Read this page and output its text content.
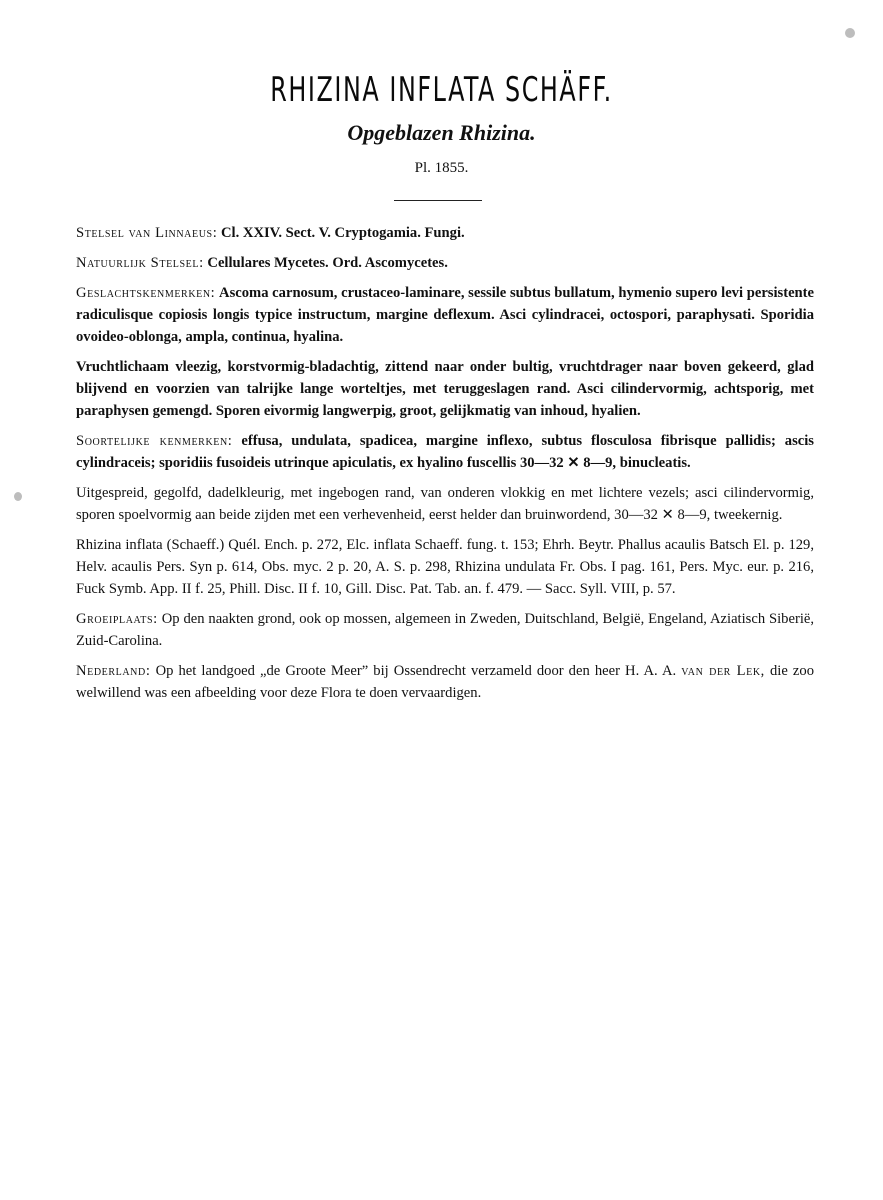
RHIZINA INFLATA SCHÄFF.
Opgeblazen Rhizina.
Pl. 1855.

Stelsel van Linnaeus: Cl. XXIV. Sect. V. Cryptogamia. Fungi.

Natuurlijk Stelsel: Cellulares Mycetes. Ord. Ascomycetes.

Geslachtskenmerken: Ascoma carnosum, crustaceo-laminare, sessile subtus bullatum, hymenio supero levi persistente radiculisque copiosis longis typice instructum, margine deflexum. Asci cylindracei, octospori, paraphysati. Sporidia ovoideo-oblonga, ampla, continua, hyalina.

Vruchtlichaam vleezig, korstvormig-bladachtig, zittend naar onder bultig, vruchtdrager naar boven gekeerd, glad blijvend en voorzien van talrijke lange worteltjes, met teruggeslagen rand. Asci cilindervormig, achtsporig, met paraphysen gemengd. Sporen eivormig langwerpig, groot, gelijkmatig van inhoud, hyalien.

Soortelijke kenmerken: effusa, undulata, spadicea, margine inflexo, subtus flosculosa fibrisque pallidis; ascis cylindraceis; sporidiis fusoideis utrinque apiculatis, ex hyalino fuscellis 30—32 ✕ 8—9, binucleatis.

Uitgespreid, gegolfd, dadelkleurig, met ingebogen rand, van onderen vlokkig en met lichtere vezels; asci cilindervormig, sporen spoelvormig aan beide zijden met een verhevenheid, eerst helder dan bruinwordend, 30—32 ✕ 8—9, tweekernig.

Rhizina inflata (Schaeff.) Quél. Ench. p. 272, Elc. inflata Schaeff. fung. t. 153; Ehrh. Beytr. Phallus acaulis Batsch El. p. 129, Helv. acaulis Pers. Syn p. 614, Obs. myc. 2 p. 20, A. S. p. 298, Rhizina undulata Fr. Obs. I pag. 161, Pers. Myc. eur. p. 216, Fuck Symb. App. II f. 25, Phill. Disc. II f. 10, Gill. Disc. Pat. Tab. an. f. 479. — Sacc. Syll. VIII, p. 57.

Groeiplaats: Op den naakten grond, ook op mossen, algemeen in Zweden, Duitschland, België, Engeland, Aziatisch Siberië, Zuid-Carolina.

Nederland: Op het landgoed „de Groote Meer” bij Ossendrecht verzameld door den heer H. A. A. van der Lek, die zoo welwillend was een afbeelding voor deze Flora te doen vervaardigen.
